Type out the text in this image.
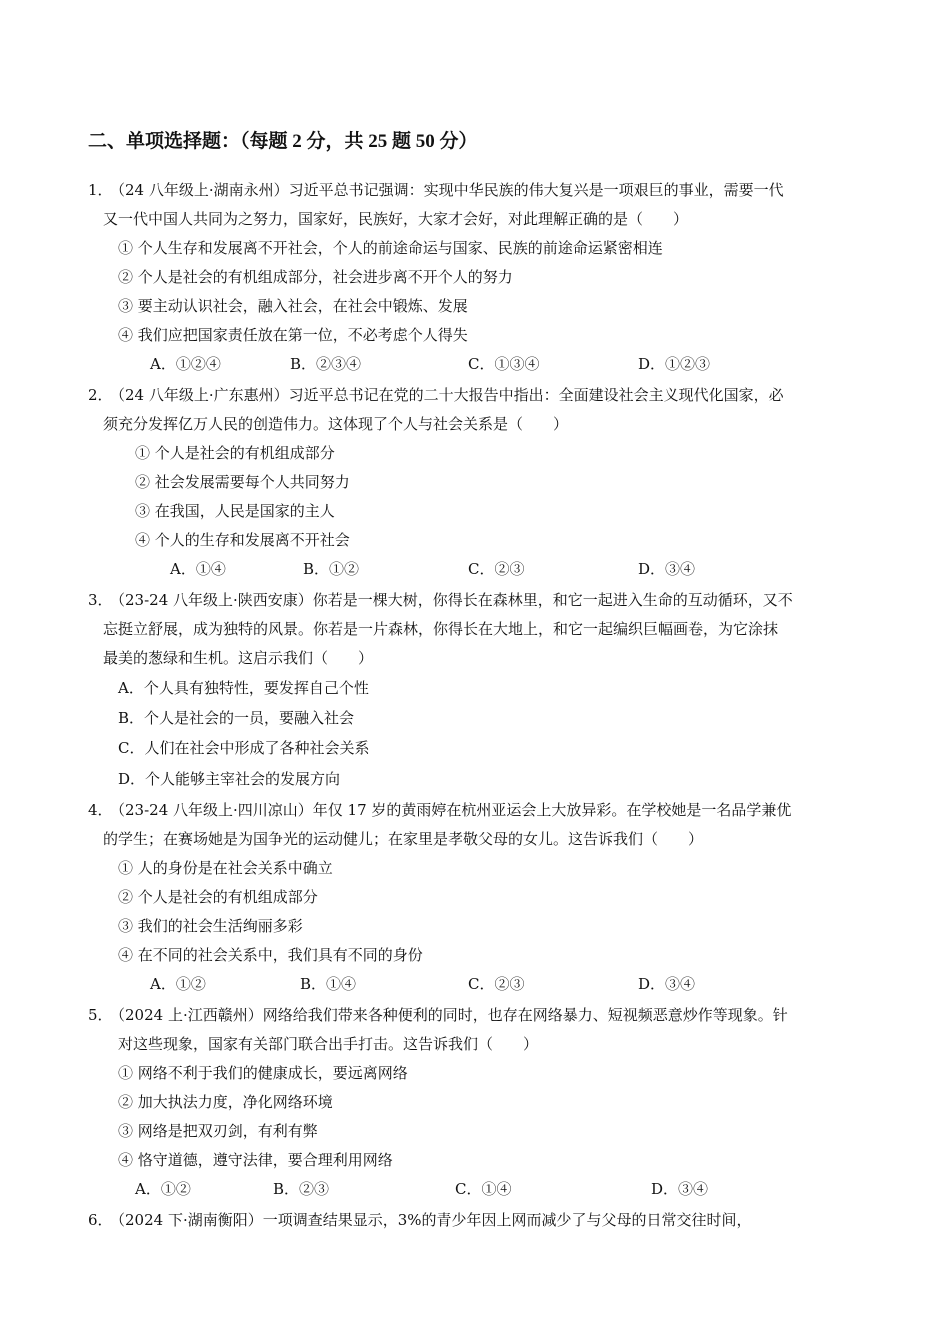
二、单项选择题：（每题 2 分，共 25 题 50 分）
1．
（24 八年级上·湖南永州）习近平总书记强调：实现中华民族的伟大复兴是一项艰巨的事业，需要一代
又一代中国人共同为之努力，国家好，民族好，大家才会好，对此理解正确的是（　　）
① 个人生存和发展离不开社会，个人的前途命运与国家、民族的前途命运紧密相连
② 个人是社会的有机组成部分，社会进步离不开个人的努力
③ 要主动认识社会，融入社会，在社会中锻炼、发展
④ 我们应把国家责任放在第一位，不必考虑个人得失
A．①②④	B．②③④	C．①③④	D．①②③
2．
（24 八年级上·广东惠州）习近平总书记在党的二十大报告中指出：全面建设社会主义现代化国家，必
须充分发挥亿万人民的创造伟力。这体现了个人与社会关系是（　　）
① 个人是社会的有机组成部分
② 社会发展需要每个人共同努力
③ 在我国，人民是国家的主人
④ 个人的生存和发展离不开社会
A．①④	B．①②	C．②③	D．③④
3．
（23-24 八年级上·陕西安康）你若是一棵大树，你得长在森林里，和它一起进入生命的互动循环，又不
忘挺立舒展，成为独特的风景。你若是一片森林，你得长在大地上，和它一起编织巨幅画卷，为它涂抹
最美的葱绿和生机。这启示我们（　　）
A．个人具有独特性，要发挥自己个性
B．个人是社会的一员，要融入社会
C．人们在社会中形成了各种社会关系
D．个人能够主宰社会的发展方向
4．
（23-24 八年级上·四川凉山）年仅 17 岁的黄雨婷在杭州亚运会上大放异彩。在学校她是一名品学兼优
的学生；在赛场她是为国争光的运动健儿；在家里是孝敬父母的女儿。这告诉我们（　　）
① 人的身份是在社会关系中确立
② 个人是社会的有机组成部分
③ 我们的社会生活绚丽多彩
④ 在不同的社会关系中，我们具有不同的身份
A．①②	B．①④	C．②③	D．③④
5．
（2024 上·江西赣州）网络给我们带来各种便利的同时，也存在网络暴力、短视频恶意炒作等现象。针
对这些现象，国家有关部门联合出手打击。这告诉我们（　　）
① 网络不利于我们的健康成长，要远离网络
② 加大执法力度，净化网络环境
③ 网络是把双刃剑，有利有弊
④ 恪守道德，遵守法律，要合理利用网络
A．①②	B．②③	C．①④	D．③④
6．
（2024 下·湖南衡阳）一项调查结果显示，3%的青少年因上网而减少了与父母的日常交往时间，
